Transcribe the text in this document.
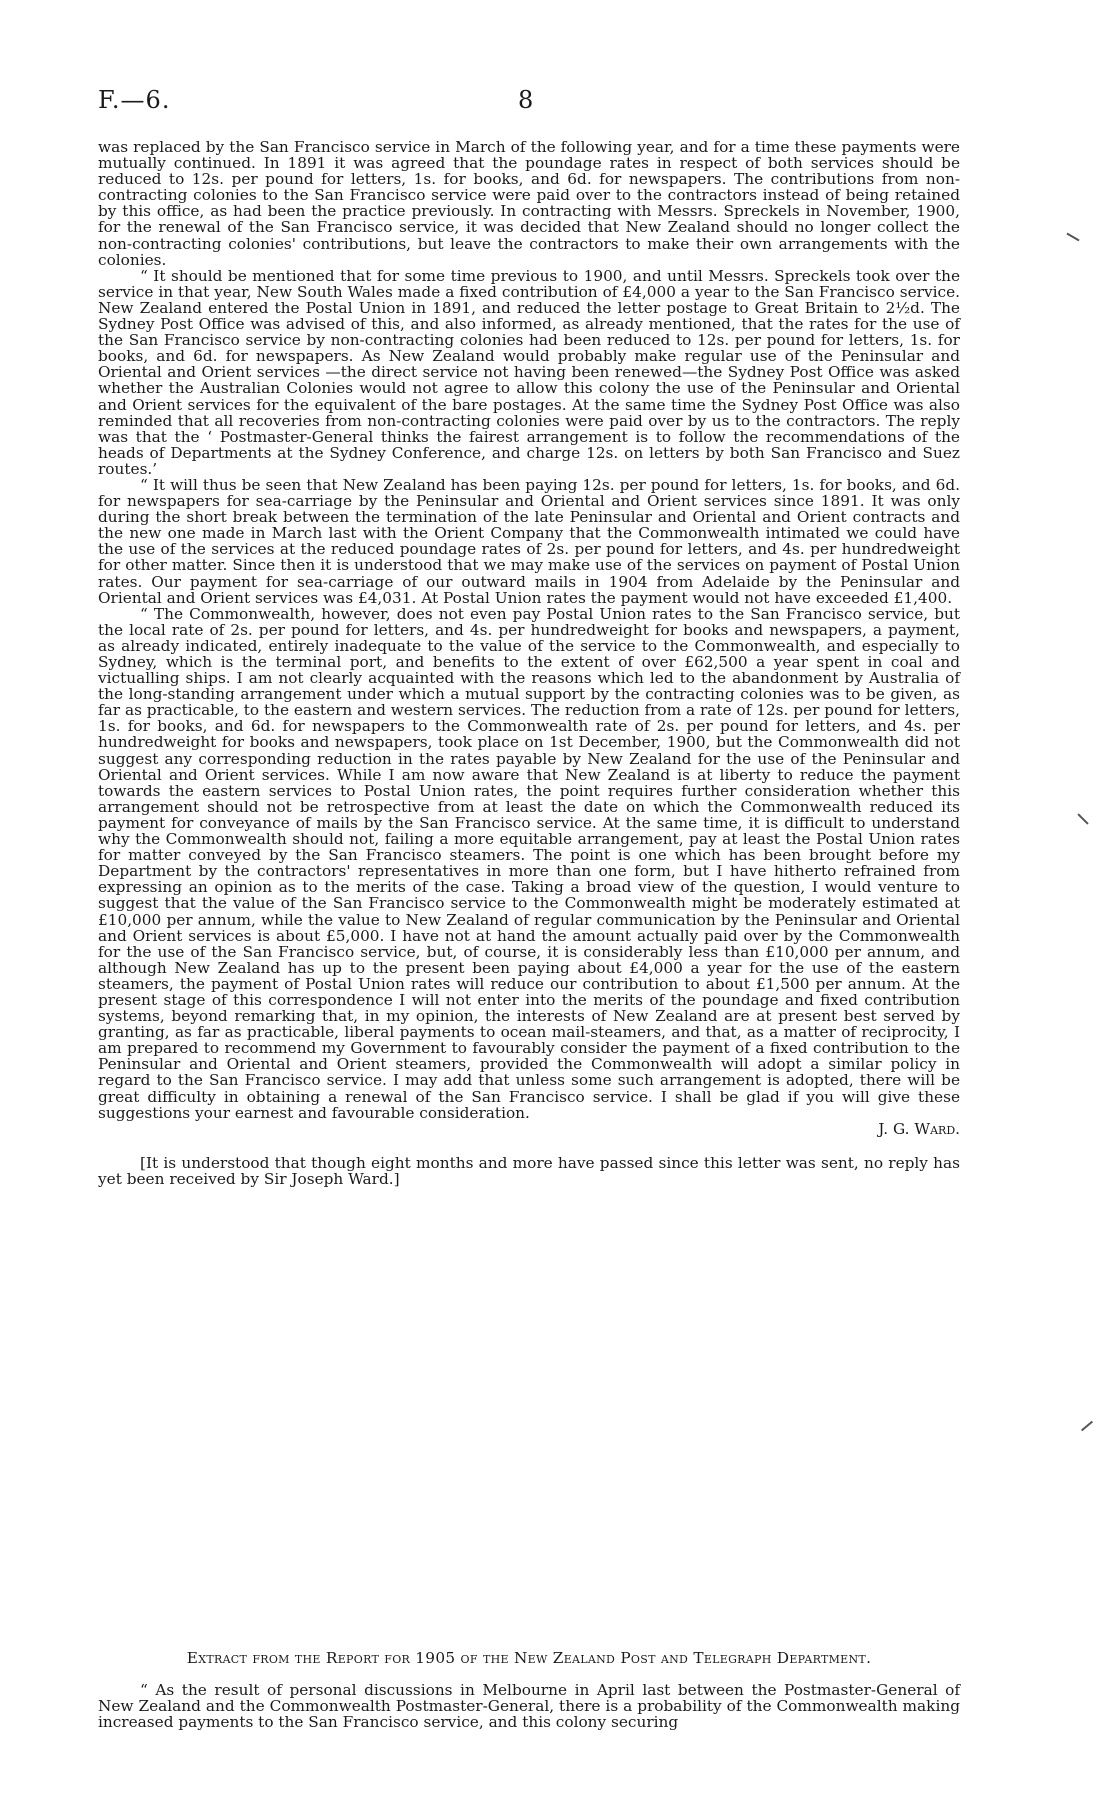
F.—6.	8

was replaced by the San Francisco service in March of the following year, and for a time these payments were mutually continued. In 1891 it was agreed that the poundage rates in respect of both services should be reduced to 12s. per pound for letters, 1s. for books, and 6d. for newspapers. The contributions from non-contracting colonies to the San Francisco service were paid over to the contractors instead of being retained by this office, as had been the practice previously. In contracting with Messrs. Spreckels in November, 1900, for the renewal of the San Francisco service, it was decided that New Zealand should no longer collect the non-contracting colonies' contributions, but leave the contractors to make their own arrangements with the colonies.

“ It should be mentioned that for some time previous to 1900, and until Messrs. Spreckels took over the service in that year, New South Wales made a fixed contribution of £4,000 a year to the San Francisco service. New Zealand entered the Postal Union in 1891, and reduced the letter postage to Great Britain to 2½d. The Sydney Post Office was advised of this, and also informed, as already mentioned, that the rates for the use of the San Francisco service by non-contracting colonies had been reduced to 12s. per pound for letters, 1s. for books, and 6d. for newspapers. As New Zealand would probably make regular use of the Peninsular and Oriental and Orient services —the direct service not having been renewed—the Sydney Post Office was asked whether the Australian Colonies would not agree to allow this colony the use of the Peninsular and Oriental and Orient services for the equivalent of the bare postages. At the same time the Sydney Post Office was also reminded that all recoveries from non-contracting colonies were paid over by us to the contractors. The reply was that the ‘ Postmaster-General thinks the fairest arrangement is to follow the recommendations of the heads of Departments at the Sydney Conference, and charge 12s. on letters by both San Francisco and Suez routes.’

“ It will thus be seen that New Zealand has been paying 12s. per pound for letters, 1s. for books, and 6d. for newspapers for sea-carriage by the Peninsular and Oriental and Orient services since 1891. It was only during the short break between the termination of the late Peninsular and Oriental and Orient contracts and the new one made in March last with the Orient Company that the Commonwealth intimated we could have the use of the services at the reduced poundage rates of 2s. per pound for letters, and 4s. per hundredweight for other matter. Since then it is understood that we may make use of the services on payment of Postal Union rates. Our payment for sea-carriage of our outward mails in 1904 from Adelaide by the Peninsular and Oriental and Orient services was £4,031. At Postal Union rates the payment would not have exceeded £1,400.

“ The Commonwealth, however, does not even pay Postal Union rates to the San Francisco service, but the local rate of 2s. per pound for letters, and 4s. per hundredweight for books and newspapers, a payment, as already indicated, entirely inadequate to the value of the service to the Commonwealth, and especially to Sydney, which is the terminal port, and benefits to the extent of over £62,500 a year spent in coal and victualling ships. I am not clearly acquainted with the reasons which led to the abandonment by Australia of the long-standing arrangement under which a mutual support by the contracting colonies was to be given, as far as practicable, to the eastern and western services. The reduction from a rate of 12s. per pound for letters, 1s. for books, and 6d. for newspapers to the Commonwealth rate of 2s. per pound for letters, and 4s. per hundredweight for books and newspapers, took place on 1st December, 1900, but the Commonwealth did not suggest any corresponding reduction in the rates payable by New Zealand for the use of the Peninsular and Oriental and Orient services. While I am now aware that New Zealand is at liberty to reduce the payment towards the eastern services to Postal Union rates, the point requires further consideration whether this arrangement should not be retrospective from at least the date on which the Commonwealth reduced its payment for conveyance of mails by the San Francisco service. At the same time, it is difficult to understand why the Commonwealth should not, failing a more equitable arrangement, pay at least the Postal Union rates for matter conveyed by the San Francisco steamers. The point is one which has been brought before my Department by the contractors' representatives in more than one form, but I have hitherto refrained from expressing an opinion as to the merits of the case. Taking a broad view of the question, I would venture to suggest that the value of the San Francisco service to the Commonwealth might be moderately estimated at £10,000 per annum, while the value to New Zealand of regular communication by the Peninsular and Oriental and Orient services is about £5,000. I have not at hand the amount actually paid over by the Commonwealth for the use of the San Francisco service, but, of course, it is considerably less than £10,000 per annum, and although New Zealand has up to the present been paying about £4,000 a year for the use of the eastern steamers, the payment of Postal Union rates will reduce our contribution to about £1,500 per annum. At the present stage of this correspondence I will not enter into the merits of the poundage and fixed contribution systems, beyond remarking that, in my opinion, the interests of New Zealand are at present best served by granting, as far as practicable, liberal payments to ocean mail-steamers, and that, as a matter of reciprocity, I am prepared to recommend my Government to favourably consider the payment of a fixed contribution to the Peninsular and Oriental and Orient steamers, provided the Commonwealth will adopt a similar policy in regard to the San Francisco service. I may add that unless some such arrangement is adopted, there will be great difficulty in obtaining a renewal of the San Francisco service. I shall be glad if you will give these suggestions your earnest and favourable consideration.

J. G. Ward.

[It is understood that though eight months and more have passed since this letter was sent, no reply has yet been received by Sir Joseph Ward.]

Extract from the Report for 1905 of the New Zealand Post and Telegraph Department.

“ As the result of personal discussions in Melbourne in April last between the Postmaster-General of New Zealand and the Commonwealth Postmaster-General, there is a probability of the Commonwealth making increased payments to the San Francisco service, and this colony securing
